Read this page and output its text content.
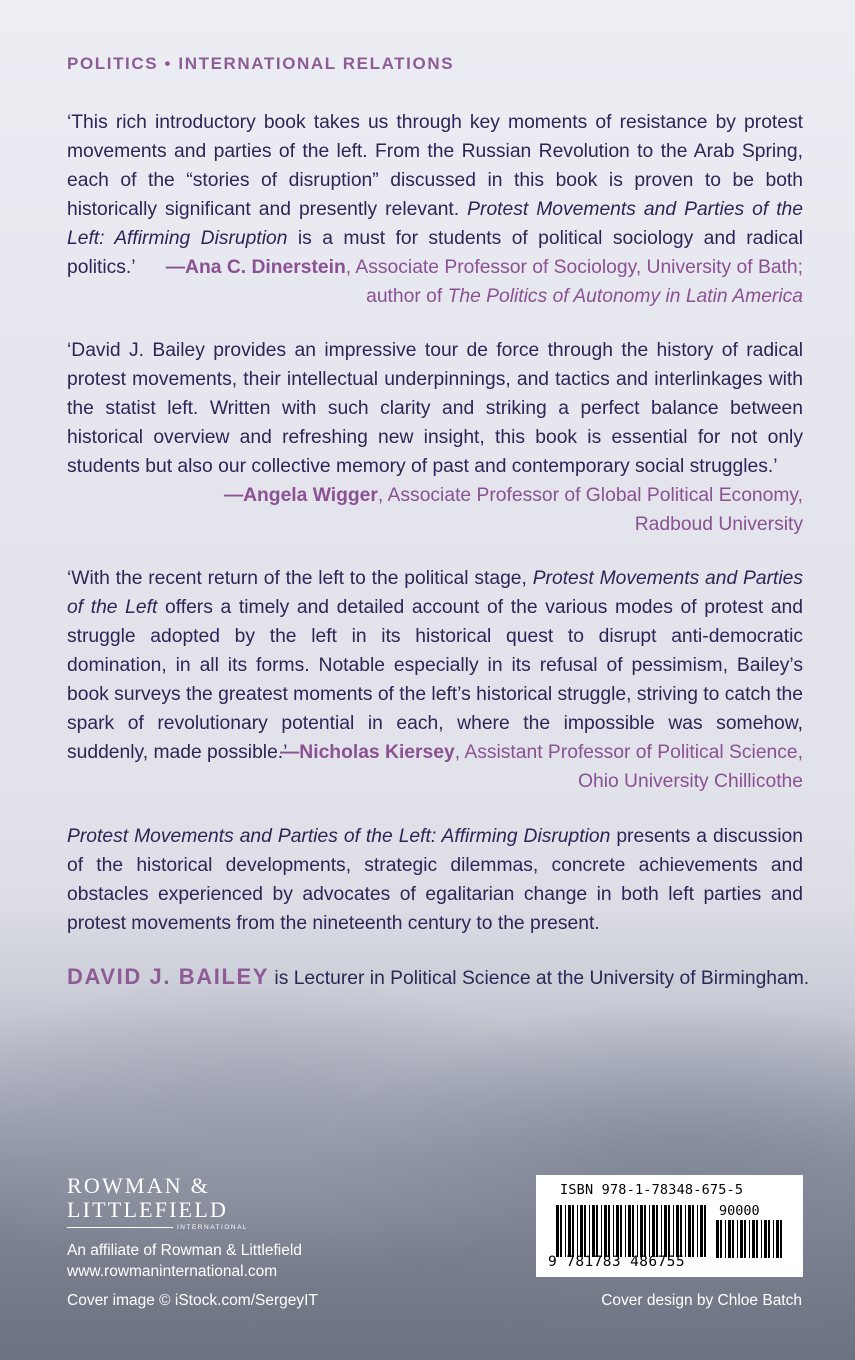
POLITICS • INTERNATIONAL RELATIONS

‘This rich introductory book takes us through key moments of resistance by protest movements and parties of the left. From the Russian Revolution to the Arab Spring, each of the “stories of disruption” discussed in this book is proven to be both historically significant and presently relevant. Protest Movements and Parties of the Left: Affirming Disruption is a must for students of political sociology and radical politics.’	—Ana C. Dinerstein, Associate Professor of Sociology, University of Bath;

author of The Politics of Autonomy in Latin America

‘David J. Bailey provides an impressive tour de force through the history of radical protest movements, their intellectual underpinnings, and tactics and interlinkages with the statist left. Written with such clarity and striking a perfect balance between historical overview and refreshing new insight, this book is essential for not only students but also our collective memory of past and contemporary social struggles.’

—Angela Wigger, Associate Professor of Global Political Economy,

Radboud University

‘With the recent return of the left to the political stage, Protest Movements and Parties of the Left offers a timely and detailed account of the various modes of protest and struggle adopted by the left in its historical quest to disrupt anti-democratic domination, in all its forms. Notable especially in its refusal of pessimism, Bailey’s book surveys the greatest moments of the left’s historical struggle, striving to catch the spark of revolutionary potential in each, where the impossible was somehow, suddenly, made possible.’

—Nicholas Kiersey, Assistant Professor of Political Science,

Ohio University Chillicothe

Protest Movements and Parties of the Left: Affirming Disruption presents a discussion of the historical developments, strategic dilemmas, concrete achievements and obstacles experienced by advocates of egalitarian change in both left parties and protest movements from the nineteenth century to the present.

DAVID J. BAILEY is Lecturer in Political Science at the University of Birmingham.
ROWMAN &
LITTLEFIELD
INTERNATIONAL
An affiliate of Rowman & Littlefield
www.rowmaninternational.com
Cover image © iStock.com/SergeyIT	Cover design by Chloe Batch
ISBN 978-1-78348-675-5
90000
9 781783 486755
